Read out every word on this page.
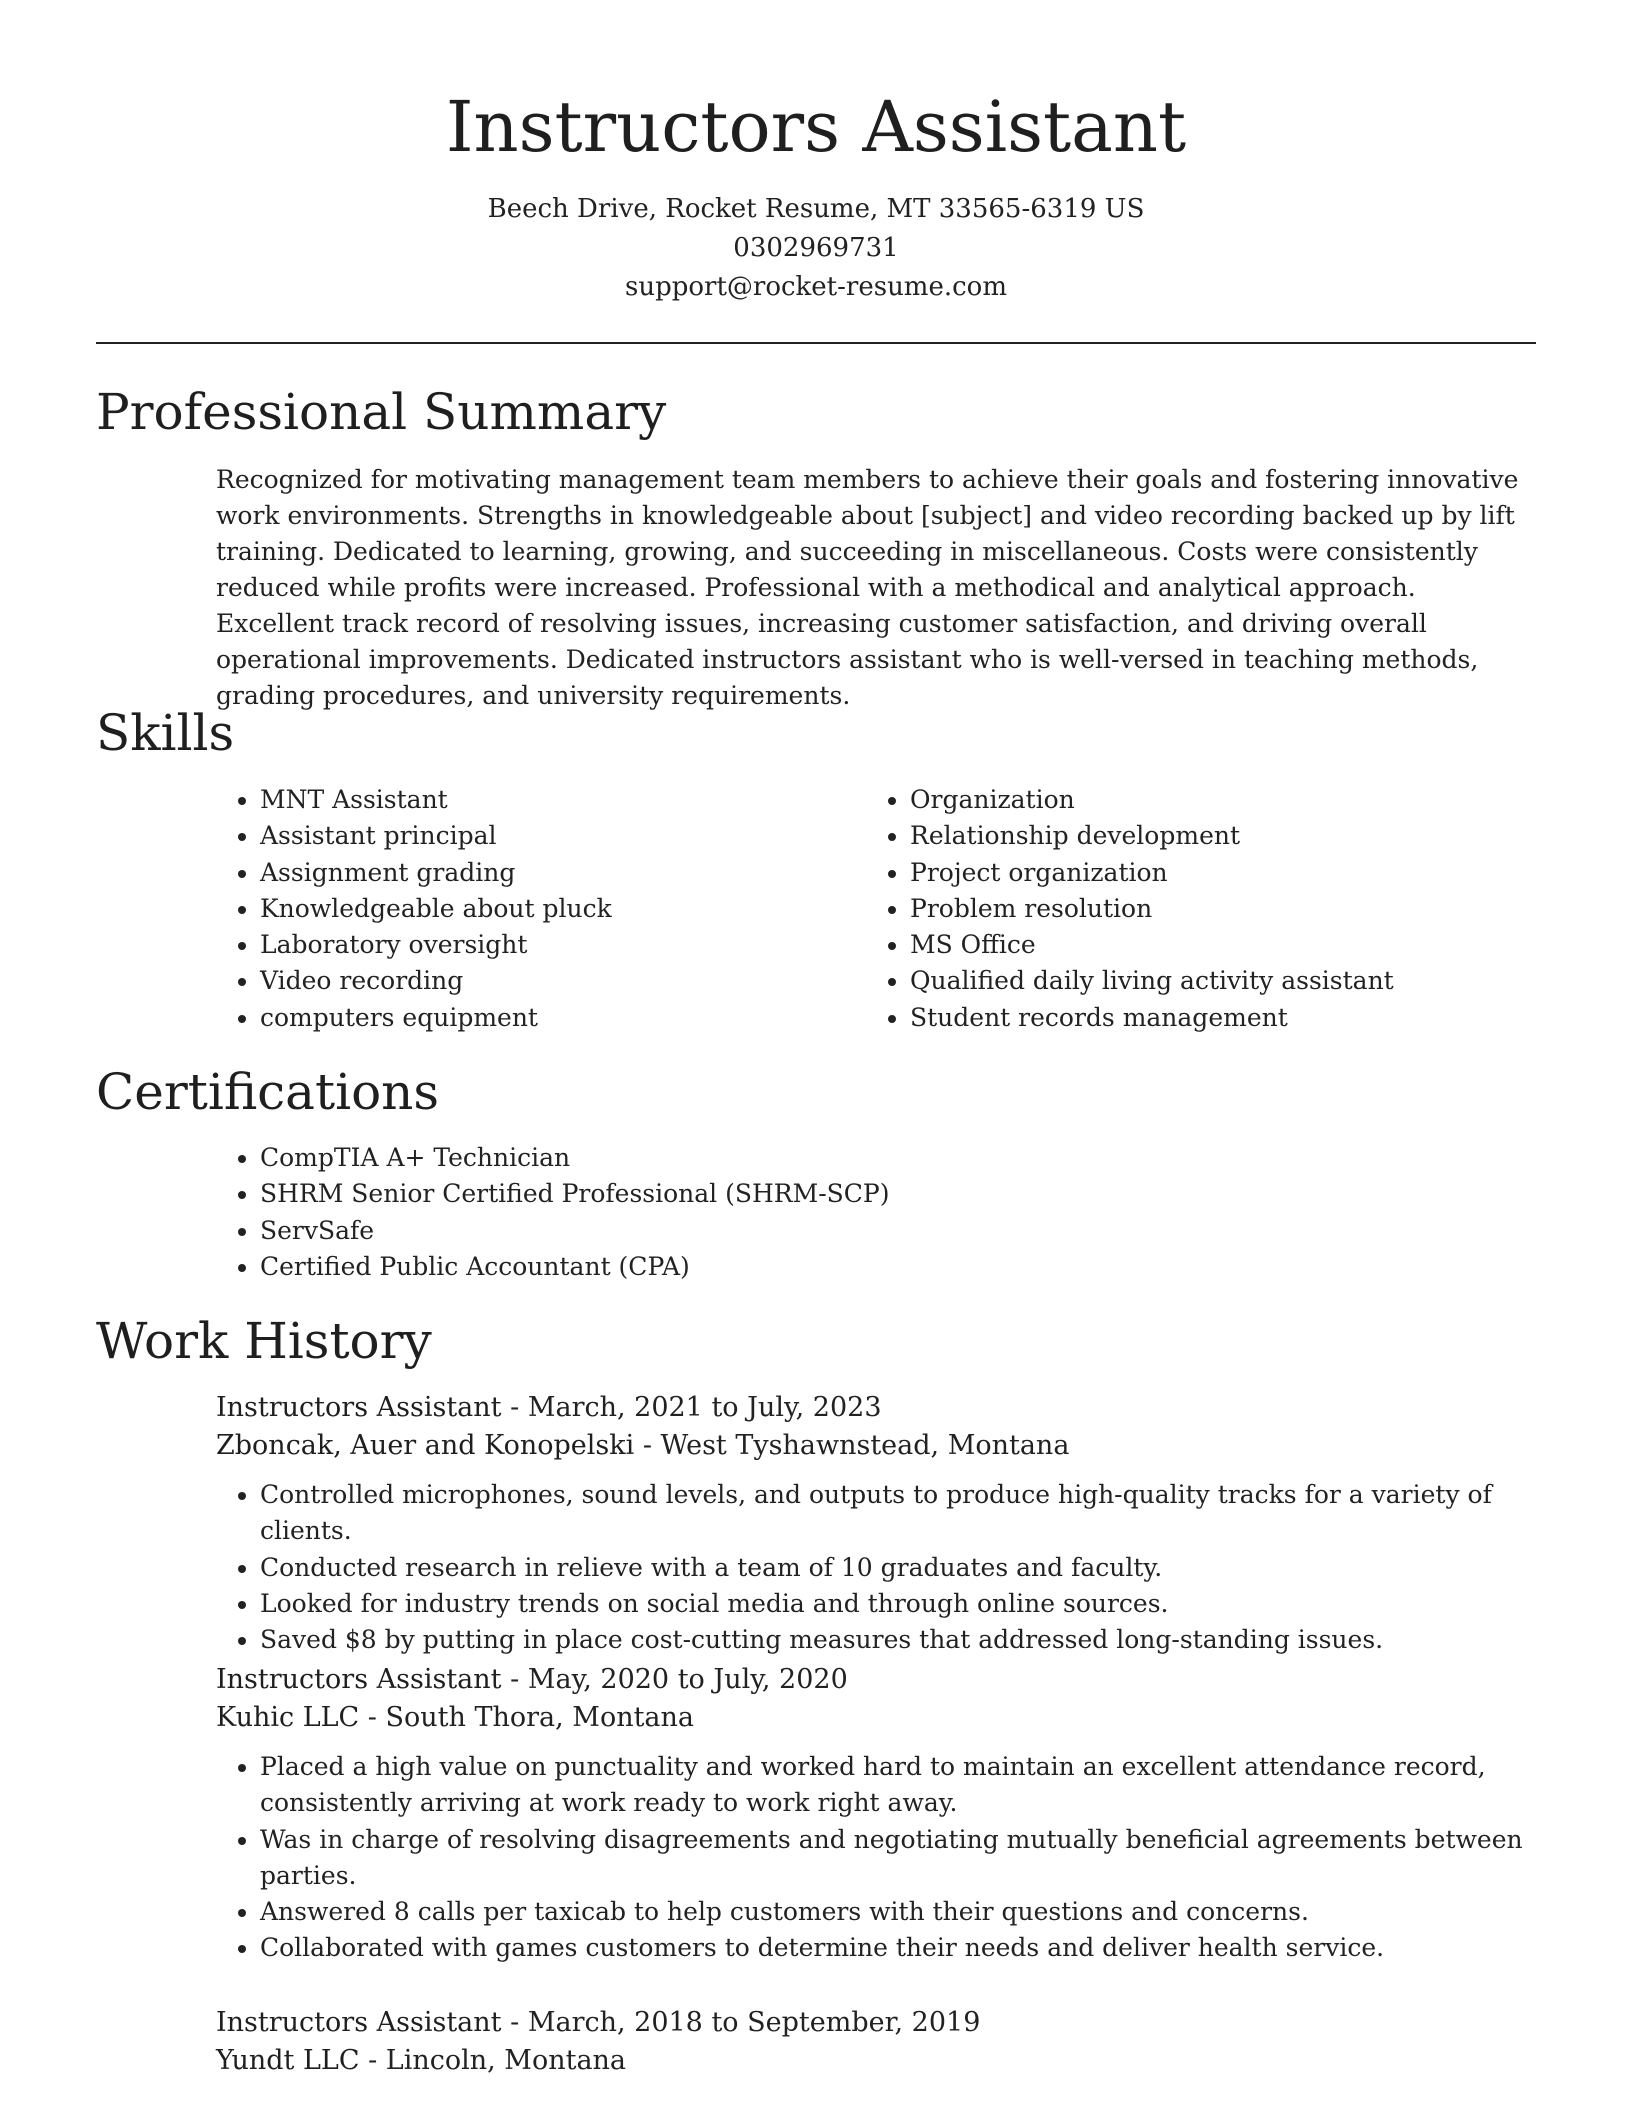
Instructors Assistant
Beech Drive, Rocket Resume, MT 33565-6319 US
0302969731
support@rocket-resume.com
Professional Summary

Recognized for motivating management team members to achieve their goals and fostering innovative work environments. Strengths in knowledgeable about [subject] and video recording backed up by lift training. Dedicated to learning, growing, and succeeding in miscellaneous. Costs were consistently reduced while profits were increased. Professional with a methodical and analytical approach. Excellent track record of resolving issues, increasing customer satisfaction, and driving overall operational improvements. Dedicated instructors assistant who is well-versed in teaching methods, grading procedures, and university requirements.

Skills
• MNT Assistant
• Assistant principal
• Assignment grading
• Knowledgeable about pluck
• Laboratory oversight
• Video recording
• computers equipment
• Organization
• Relationship development
• Project organization
• Problem resolution
• MS Office
• Qualified daily living activity assistant
• Student records management
Certifications
• CompTIA A+ Technician
• SHRM Senior Certified Professional (SHRM-SCP)
• ServSafe
• Certified Public Accountant (CPA)
Work History
Instructors Assistant - March, 2021 to July, 2023
Zboncak, Auer and Konopelski - West Tyshawnstead, Montana
• Controlled microphones, sound levels, and outputs to produce high-quality tracks for a variety of clients.
• Conducted research in relieve with a team of 10 graduates and faculty.
• Looked for industry trends on social media and through online sources.
• Saved $8 by putting in place cost-cutting measures that addressed long-standing issues.
Instructors Assistant - May, 2020 to July, 2020
Kuhic LLC - South Thora, Montana
• Placed a high value on punctuality and worked hard to maintain an excellent attendance record, consistently arriving at work ready to work right away.
• Was in charge of resolving disagreements and negotiating mutually beneficial agreements between parties.
• Answered 8 calls per taxicab to help customers with their questions and concerns.
• Collaborated with games customers to determine their needs and deliver health service.
Instructors Assistant - March, 2018 to September, 2019
Yundt LLC - Lincoln, Montana
